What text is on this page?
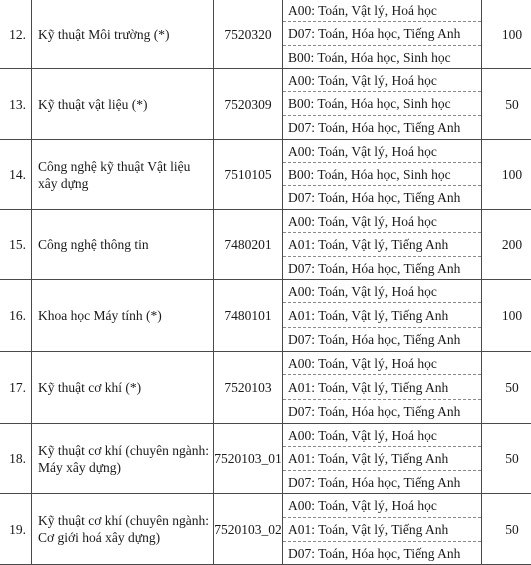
12.	Kỹ thuật Môi trường (*)	7520320	A00: Toán, Vật lý, Hoá học	100
			D07: Toán, Hóa học, Tiếng Anh	
			B00: Toán, Hóa học, Sinh học	
13.	Kỹ thuật vật liệu (*)	7520309	A00: Toán, Vật lý, Hoá học	50
			B00: Toán, Hóa học, Sinh học	
			D07: Toán, Hóa học, Tiếng Anh	
14.	Công nghệ kỹ thuật Vật liệu xây dựng	7510105	A00: Toán, Vật lý, Hoá học	100
			B00: Toán, Hóa học, Sinh học	
			D07: Toán, Hóa học, Tiếng Anh	
15.	Công nghệ thông tin	7480201	A00: Toán, Vật lý, Hoá học	200
			A01: Toán, Vật lý, Tiếng Anh	
			D07: Toán, Hóa học, Tiếng Anh	
16.	Khoa học Máy tính (*)	7480101	A00: Toán, Vật lý, Hoá học	100
			A01: Toán, Vật lý, Tiếng Anh	
			D07: Toán, Hóa học, Tiếng Anh	
17.	Kỹ thuật cơ khí (*)	7520103	A00: Toán, Vật lý, Hoá học	50
			A01: Toán, Vật lý, Tiếng Anh	
			D07: Toán, Hóa học, Tiếng Anh	
18.	Kỹ thuật cơ khí (chuyên ngành: Máy xây dựng)	7520103_01	A00: Toán, Vật lý, Hoá học	50
			A01: Toán, Vật lý, Tiếng Anh	
			D07: Toán, Hóa học, Tiếng Anh	
19.	Kỹ thuật cơ khí (chuyên ngành: Cơ giới hoá xây dựng)	7520103_02	A00: Toán, Vật lý, Hoá học	50
			A01: Toán, Vật lý, Tiếng Anh	
			D07: Toán, Hóa học, Tiếng Anh	
